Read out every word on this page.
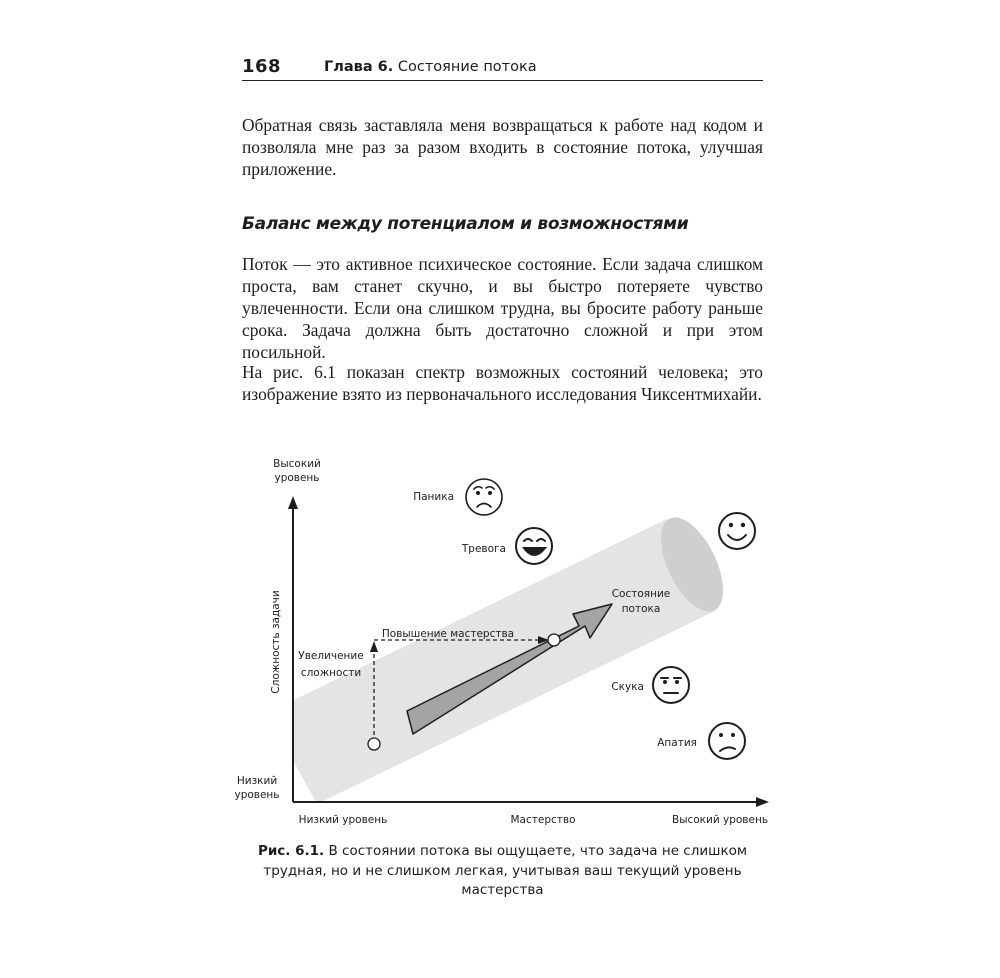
168	Глава 6. Состояние потока

Обратная связь заставляла меня возвращаться к работе над кодом и позволяла мне раз за разом входить в состояние потока, улучшая приложение.

Баланс между потенциалом и возможностями

Поток — это активное психическое состояние. Если задача слишком проста, вам станет скучно, и вы быстро потеряете чувство увлеченности. Если она слишком трудна, вы бросите работу раньше срока. Задача должна быть достаточно сложной и при этом посильной.

На рис. 6.1 показан спектр возможных состояний человека; это изображение взято из первоначального исследования Чиксентмихайи.

Высокий
уровень
Низкий
уровень
Сложность задачи
Низкий уровень	Мастерство	Высокий уровень
Паника
Тревога
Состояние
потока
Повышение мастерства
Увеличение
сложности
Скука
Апатия
Рис. 6.1. В состоянии потока вы ощущаете, что задача не слишком трудная, но и не слишком легкая, учитывая ваш текущий уровень мастерства
